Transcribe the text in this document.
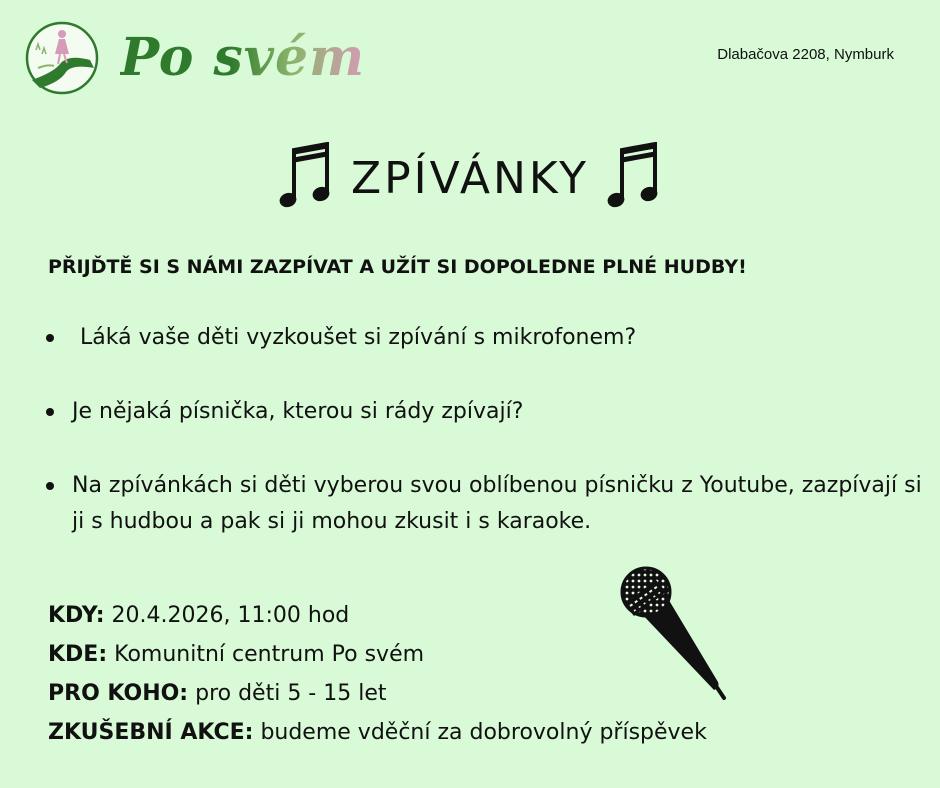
Po svém	Dlabačova 2208, Nymburk
ZPÍVÁNKY
PŘIJĎTĚ SI S NÁMI ZAZPÍVAT A UŽÍT SI DOPOLEDNE PLNÉ HUDBY!
Láká vaše děti vyzkoušet si zpívání s mikrofonem?
Je nějaká písnička, kterou si rády zpívají?
Na zpívánkách si děti vyberou svou oblíbenou písničku z Youtube, zazpívají si ji s hudbou a pak si ji mohou zkusit i s karaoke.
KDY: 20.4.2026, 11:00 hod
KDE: Komunitní centrum Po svém
PRO KOHO: pro děti 5 - 15 let
ZKUŠEBNÍ AKCE: budeme vděční za dobrovolný příspěvek
